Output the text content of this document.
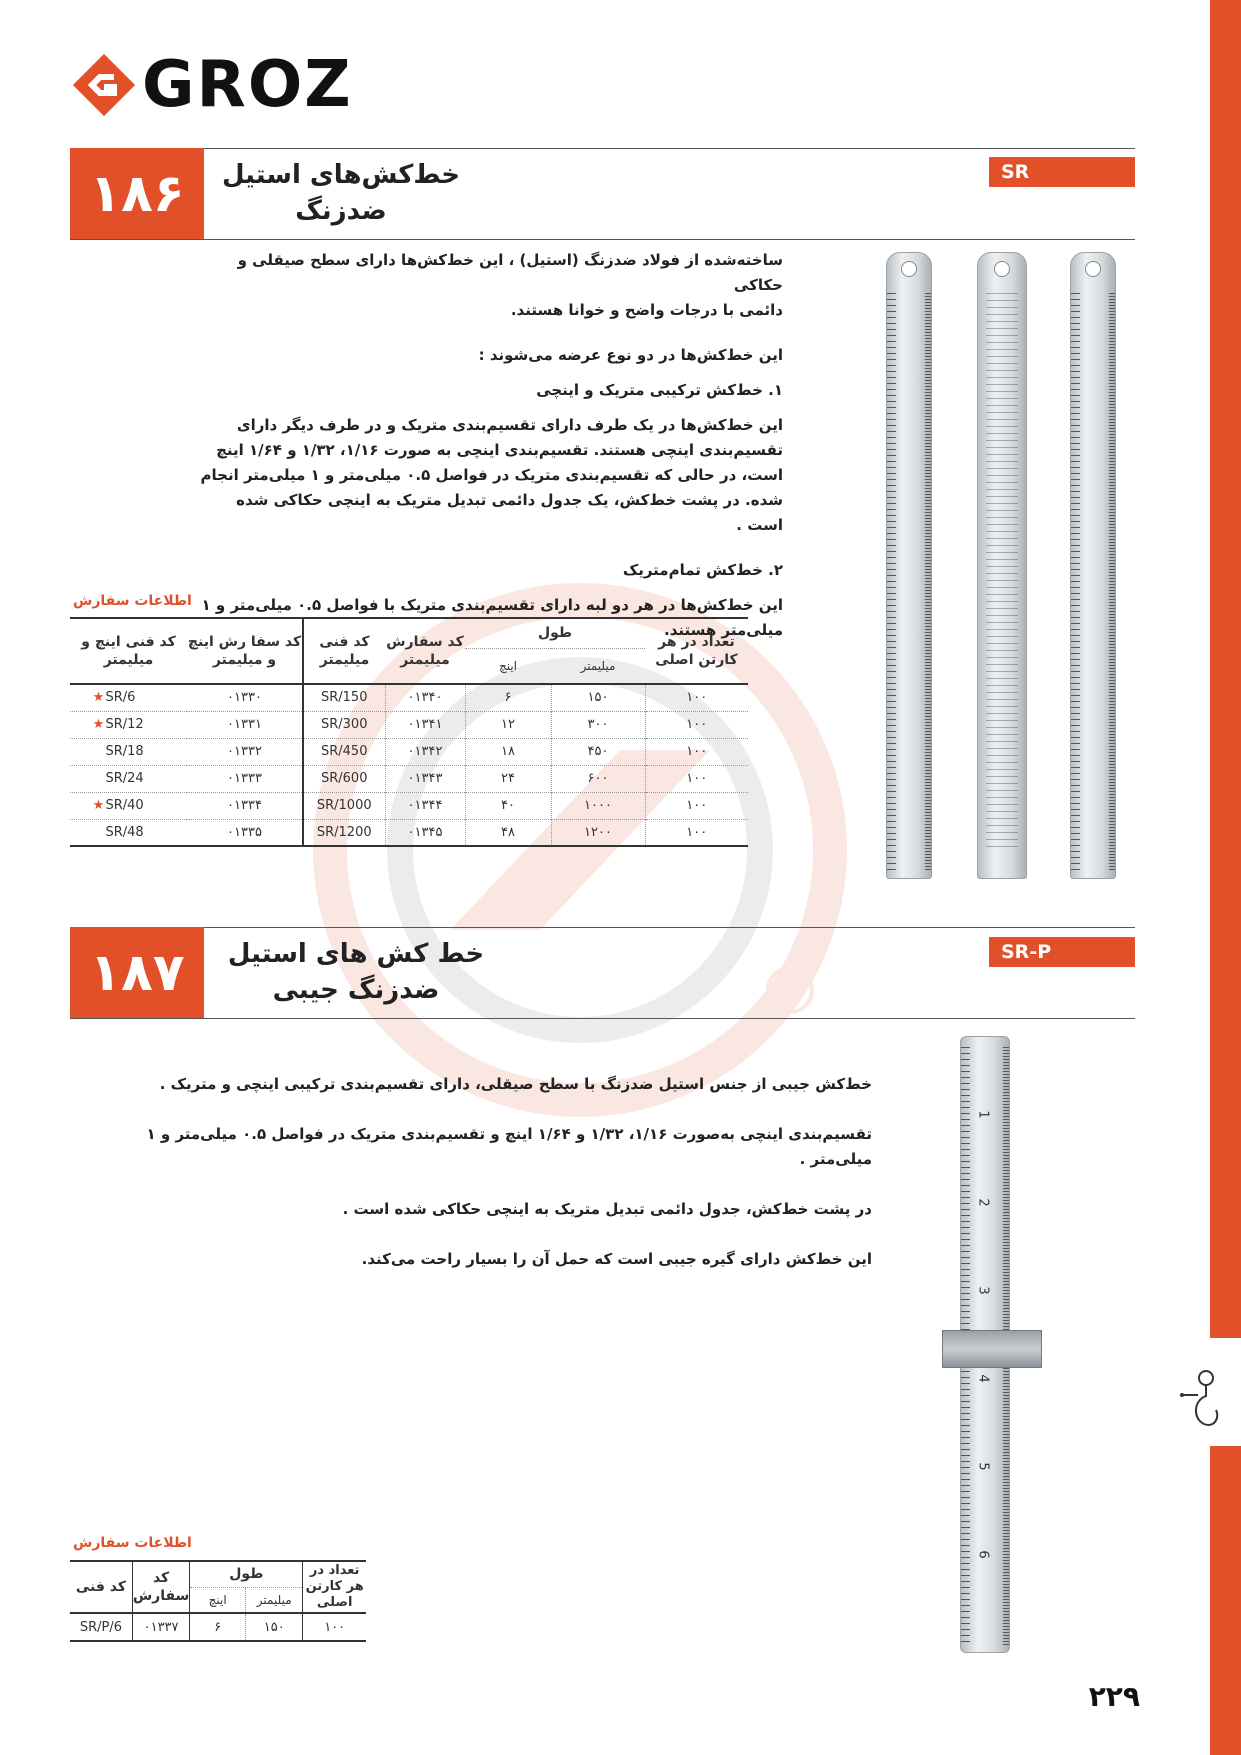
GROZ
۱۸۶	خط‌کش‌های استیل
ضدزنگ
SR
ساخته‌شده از فولاد ضدزنگ (استیل) ، این خط‌کش‌ها دارای سطح صیقلی و حکاکی
دائمی با درجات واضح و خوانا هستند.
این خط‌کش‌ها در دو نوع عرضه می‌شوند :
۱. خط‌کش ترکیبی متریک و اینچی
این خط‌کش‌ها در یک طرف دارای تقسیم‌بندی متریک و در طرف دیگر دارای
تقسیم‌بندی اینچی هستند. تقسیم‌بندی اینچی به صورت ۱/۱۶، ۱/۳۲ و ۱/۶۴ اینچ
است، در حالی که تقسیم‌بندی متریک در فواصل ۰.۵ میلی‌متر و ۱ میلی‌متر انجام
شده. در پشت خط‌کش، یک جدول دائمی تبدیل متریک به اینچی حکاکی شده است .
۲. خط‌کش تمام‌متریک
این خط‌کش‌ها در هر دو لبه دارای تقسیم‌بندی متریک با فواصل ۰.۵ میلی‌متر و ۱
میلی‌متر هستند.
اطلاعات سفارش
کد فنی اینچ و میلیمتر	کد سفا رش اینچ و میلیمتر	کد فنی میلیمتر	کد سفارش میلیمتر	طول		تعداد در هر کارتن اصلی
				اینچ	میلیمتر	
★SR/6	۰۱۳۳۰	SR/150	۰۱۳۴۰	۶	۱۵۰	۱۰۰
★SR/12	۰۱۳۳۱	SR/300	۰۱۳۴۱	۱۲	۳۰۰	۱۰۰
SR/18	۰۱۳۳۲	SR/450	۰۱۳۴۲	۱۸	۴۵۰	۱۰۰
SR/24	۰۱۳۳۳	SR/600	۰۱۳۴۳	۲۴	۶۰۰	۱۰۰
★SR/40	۰۱۳۳۴	SR/1000	۰۱۳۴۴	۴۰	۱۰۰۰	۱۰۰
SR/48	۰۱۳۳۵	SR/1200	۰۱۳۴۵	۴۸	۱۲۰۰	۱۰۰
۱۸۷	خط کش های استیل
ضدزنگ جیبی
SR-P
خط‌کش جیبی از جنس استیل ضدزنگ با سطح صیقلی، دارای تقسیم‌بندی ترکیبی اینچی و متریک .
تقسیم‌بندی اینچی به‌صورت ۱/۱۶، ۱/۳۲ و ۱/۶۴ اینچ و تقسیم‌بندی متریک در فواصل ۰.۵ میلی‌متر و ۱ میلی‌متر .
در پشت خط‌کش، جدول دائمی تبدیل متریک به اینچی حکاکی شده است .
این خط‌کش دارای گیره جیبی است که حمل آن را بسیار راحت می‌کند.
1
2
3
4
5
6
اطلاعات سفارش
کد فنی	کد سفارش	طول		تعداد در هر کارتن اصلی
		اینچ	میلیمتر	
SR/P/6	۰۱۳۳۷	۶	۱۵۰	۱۰۰
۲۲۹
